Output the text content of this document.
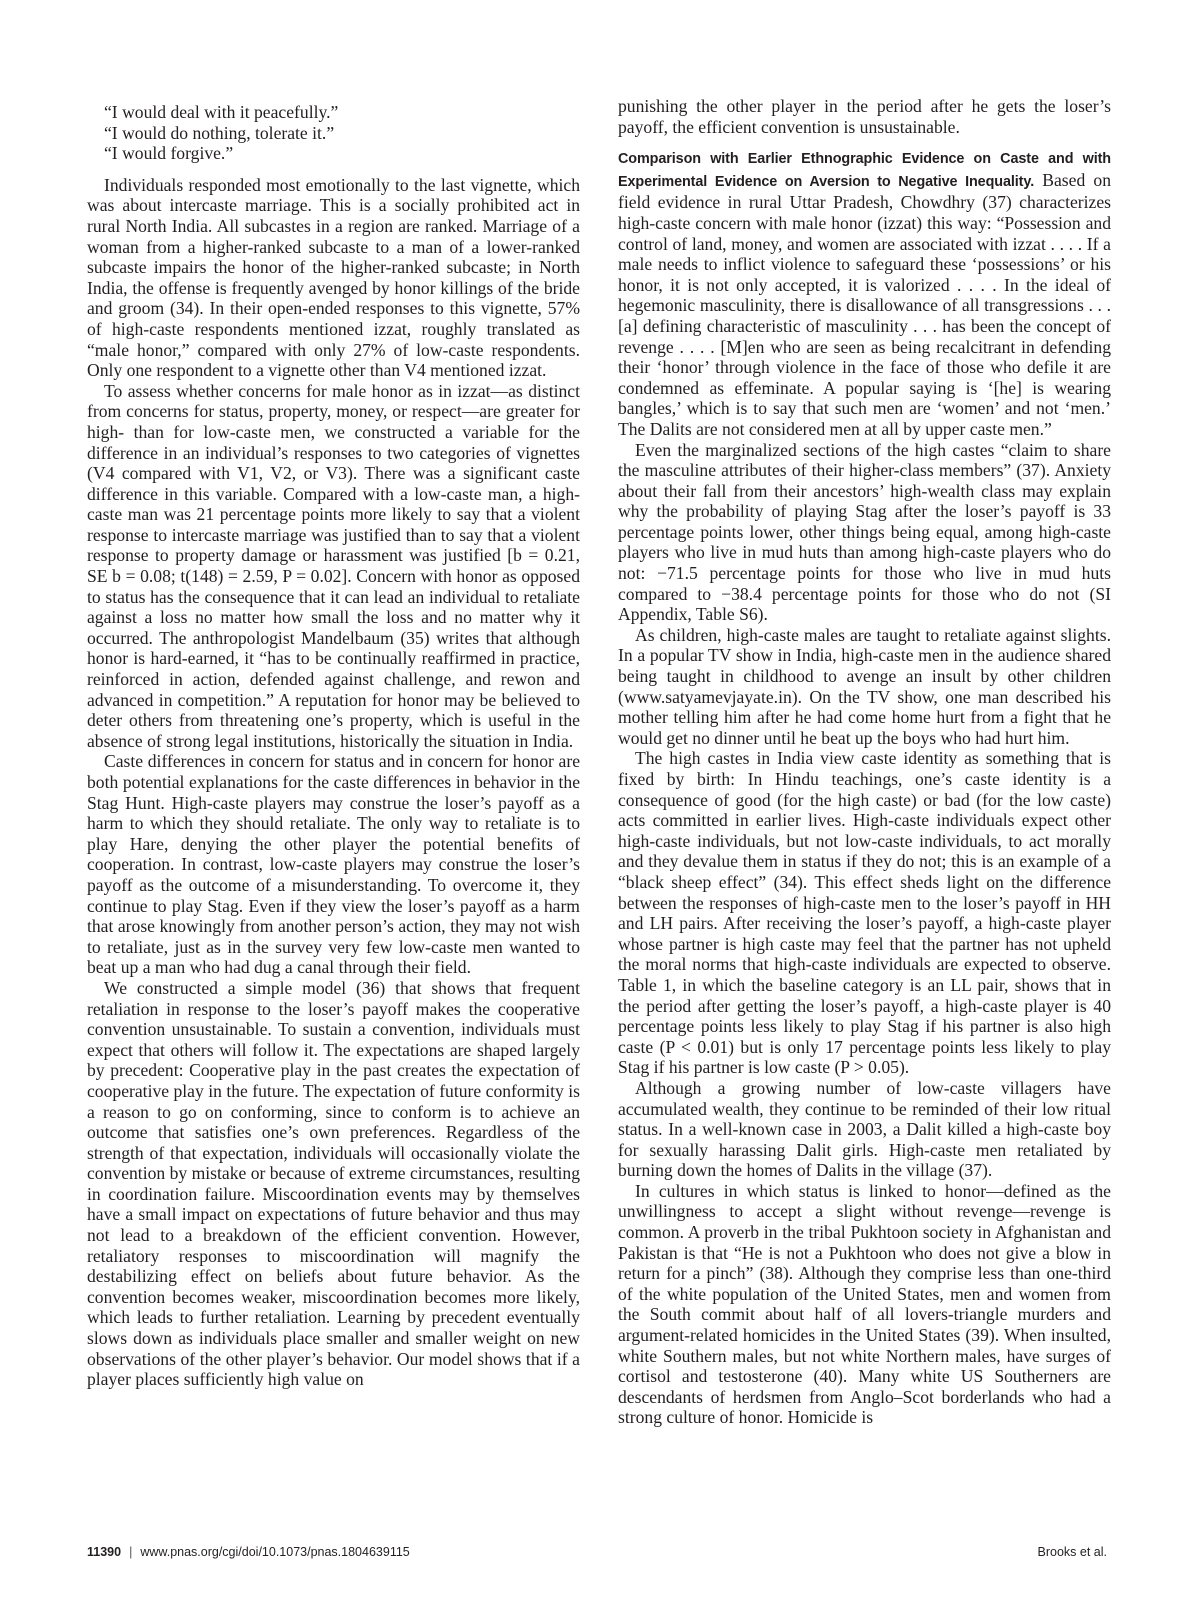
“I would deal with it peacefully.”

“I would do nothing, tolerate it.”

“I would forgive.”

Individuals responded most emotionally to the last vignette, which was about intercaste marriage. This is a socially prohibited act in rural North India. All subcastes in a region are ranked. Marriage of a woman from a higher-ranked subcaste to a man of a lower-ranked subcaste impairs the honor of the higher-ranked subcaste; in North India, the offense is frequently avenged by honor killings of the bride and groom (34). In their open-ended responses to this vignette, 57% of high-caste respondents mentioned izzat, roughly translated as “male honor,” compared with only 27% of low-caste respondents. Only one respondent to a vignette other than V4 mentioned izzat.

To assess whether concerns for male honor as in izzat—as distinct from concerns for status, property, money, or respect—are greater for high- than for low-caste men, we constructed a variable for the difference in an individual’s responses to two categories of vignettes (V4 compared with V1, V2, or V3). There was a significant caste difference in this variable. Compared with a low-caste man, a high-caste man was 21 percentage points more likely to say that a violent response to intercaste marriage was justified than to say that a violent response to property damage or harassment was justified [b = 0.21, SE b = 0.08; t(148) = 2.59, P = 0.02]. Concern with honor as opposed to status has the consequence that it can lead an individual to retaliate against a loss no matter how small the loss and no matter why it occurred. The anthropologist Mandelbaum (35) writes that although honor is hard-earned, it “has to be continually reaffirmed in practice, reinforced in action, defended against challenge, and rewon and advanced in competition.” A reputation for honor may be believed to deter others from threatening one’s property, which is useful in the absence of strong legal institutions, historically the situation in India.

Caste differences in concern for status and in concern for honor are both potential explanations for the caste differences in behavior in the Stag Hunt. High-caste players may construe the loser’s payoff as a harm to which they should retaliate. The only way to retaliate is to play Hare, denying the other player the potential benefits of cooperation. In contrast, low-caste players may construe the loser’s payoff as the outcome of a misunderstanding. To overcome it, they continue to play Stag. Even if they view the loser’s payoff as a harm that arose knowingly from another person’s action, they may not wish to retaliate, just as in the survey very few low-caste men wanted to beat up a man who had dug a canal through their field.

We constructed a simple model (36) that shows that frequent retaliation in response to the loser’s payoff makes the cooperative convention unsustainable. To sustain a convention, individuals must expect that others will follow it. The expectations are shaped largely by precedent: Cooperative play in the past creates the expectation of cooperative play in the future. The expectation of future conformity is a reason to go on conforming, since to conform is to achieve an outcome that satisfies one’s own preferences. Regardless of the strength of that expectation, individuals will occasionally violate the convention by mistake or because of extreme circumstances, resulting in coordination failure. Miscoordination events may by themselves have a small impact on expectations of future behavior and thus may not lead to a breakdown of the efficient convention. However, retaliatory responses to miscoordination will magnify the destabilizing effect on beliefs about future behavior. As the convention becomes weaker, miscoordination becomes more likely, which leads to further retaliation. Learning by precedent eventually slows down as individuals place smaller and smaller weight on new observations of the other player’s behavior. Our model shows that if a player places sufficiently high value on

punishing the other player in the period after he gets the loser’s payoff, the efficient convention is unsustainable.

Comparison with Earlier Ethnographic Evidence on Caste and with Experimental Evidence on Aversion to Negative Inequality. Based on field evidence in rural Uttar Pradesh, Chowdhry (37) characterizes high-caste concern with male honor (izzat) this way: “Possession and control of land, money, and women are associated with izzat . . . . If a male needs to inflict violence to safeguard these ‘possessions’ or his honor, it is not only accepted, it is valorized . . . . In the ideal of hegemonic masculinity, there is disallowance of all transgressions . . . [a] defining characteristic of masculinity . . . has been the concept of revenge . . . . [M]en who are seen as being recalcitrant in defending their ‘honor’ through violence in the face of those who defile it are condemned as effeminate. A popular saying is ‘[he] is wearing bangles,’ which is to say that such men are ‘women’ and not ‘men.’ The Dalits are not considered men at all by upper caste men.”

Even the marginalized sections of the high castes “claim to share the masculine attributes of their higher-class members” (37). Anxiety about their fall from their ancestors’ high-wealth class may explain why the probability of playing Stag after the loser’s payoff is 33 percentage points lower, other things being equal, among high-caste players who live in mud huts than among high-caste players who do not: −71.5 percentage points for those who live in mud huts compared to −38.4 percentage points for those who do not (SI Appendix, Table S6).

As children, high-caste males are taught to retaliate against slights. In a popular TV show in India, high-caste men in the audience shared being taught in childhood to avenge an insult by other children (www.satyamevjayate.in). On the TV show, one man described his mother telling him after he had come home hurt from a fight that he would get no dinner until he beat up the boys who had hurt him.

The high castes in India view caste identity as something that is fixed by birth: In Hindu teachings, one’s caste identity is a consequence of good (for the high caste) or bad (for the low caste) acts committed in earlier lives. High-caste individuals expect other high-caste individuals, but not low-caste individuals, to act morally and they devalue them in status if they do not; this is an example of a “black sheep effect” (34). This effect sheds light on the difference between the responses of high-caste men to the loser’s payoff in HH and LH pairs. After receiving the loser’s payoff, a high-caste player whose partner is high caste may feel that the partner has not upheld the moral norms that high-caste individuals are expected to observe. Table 1, in which the baseline category is an LL pair, shows that in the period after getting the loser’s payoff, a high-caste player is 40 percentage points less likely to play Stag if his partner is also high caste (P < 0.01) but is only 17 percentage points less likely to play Stag if his partner is low caste (P > 0.05).

Although a growing number of low-caste villagers have accumulated wealth, they continue to be reminded of their low ritual status. In a well-known case in 2003, a Dalit killed a high-caste boy for sexually harassing Dalit girls. High-caste men retaliated by burning down the homes of Dalits in the village (37).

In cultures in which status is linked to honor—defined as the unwillingness to accept a slight without revenge—revenge is common. A proverb in the tribal Pukhtoon society in Afghanistan and Pakistan is that “He is not a Pukhtoon who does not give a blow in return for a pinch” (38). Although they comprise less than one-third of the white population of the United States, men and women from the South commit about half of all lovers-triangle murders and argument-related homicides in the United States (39). When insulted, white Southern males, but not white Northern males, have surges of cortisol and testosterone (40). Many white US Southerners are descendants of herdsmen from Anglo–Scot borderlands who had a strong culture of honor. Homicide is

11390 | www.pnas.org/cgi/doi/10.1073/pnas.1804639115	Brooks et al.
